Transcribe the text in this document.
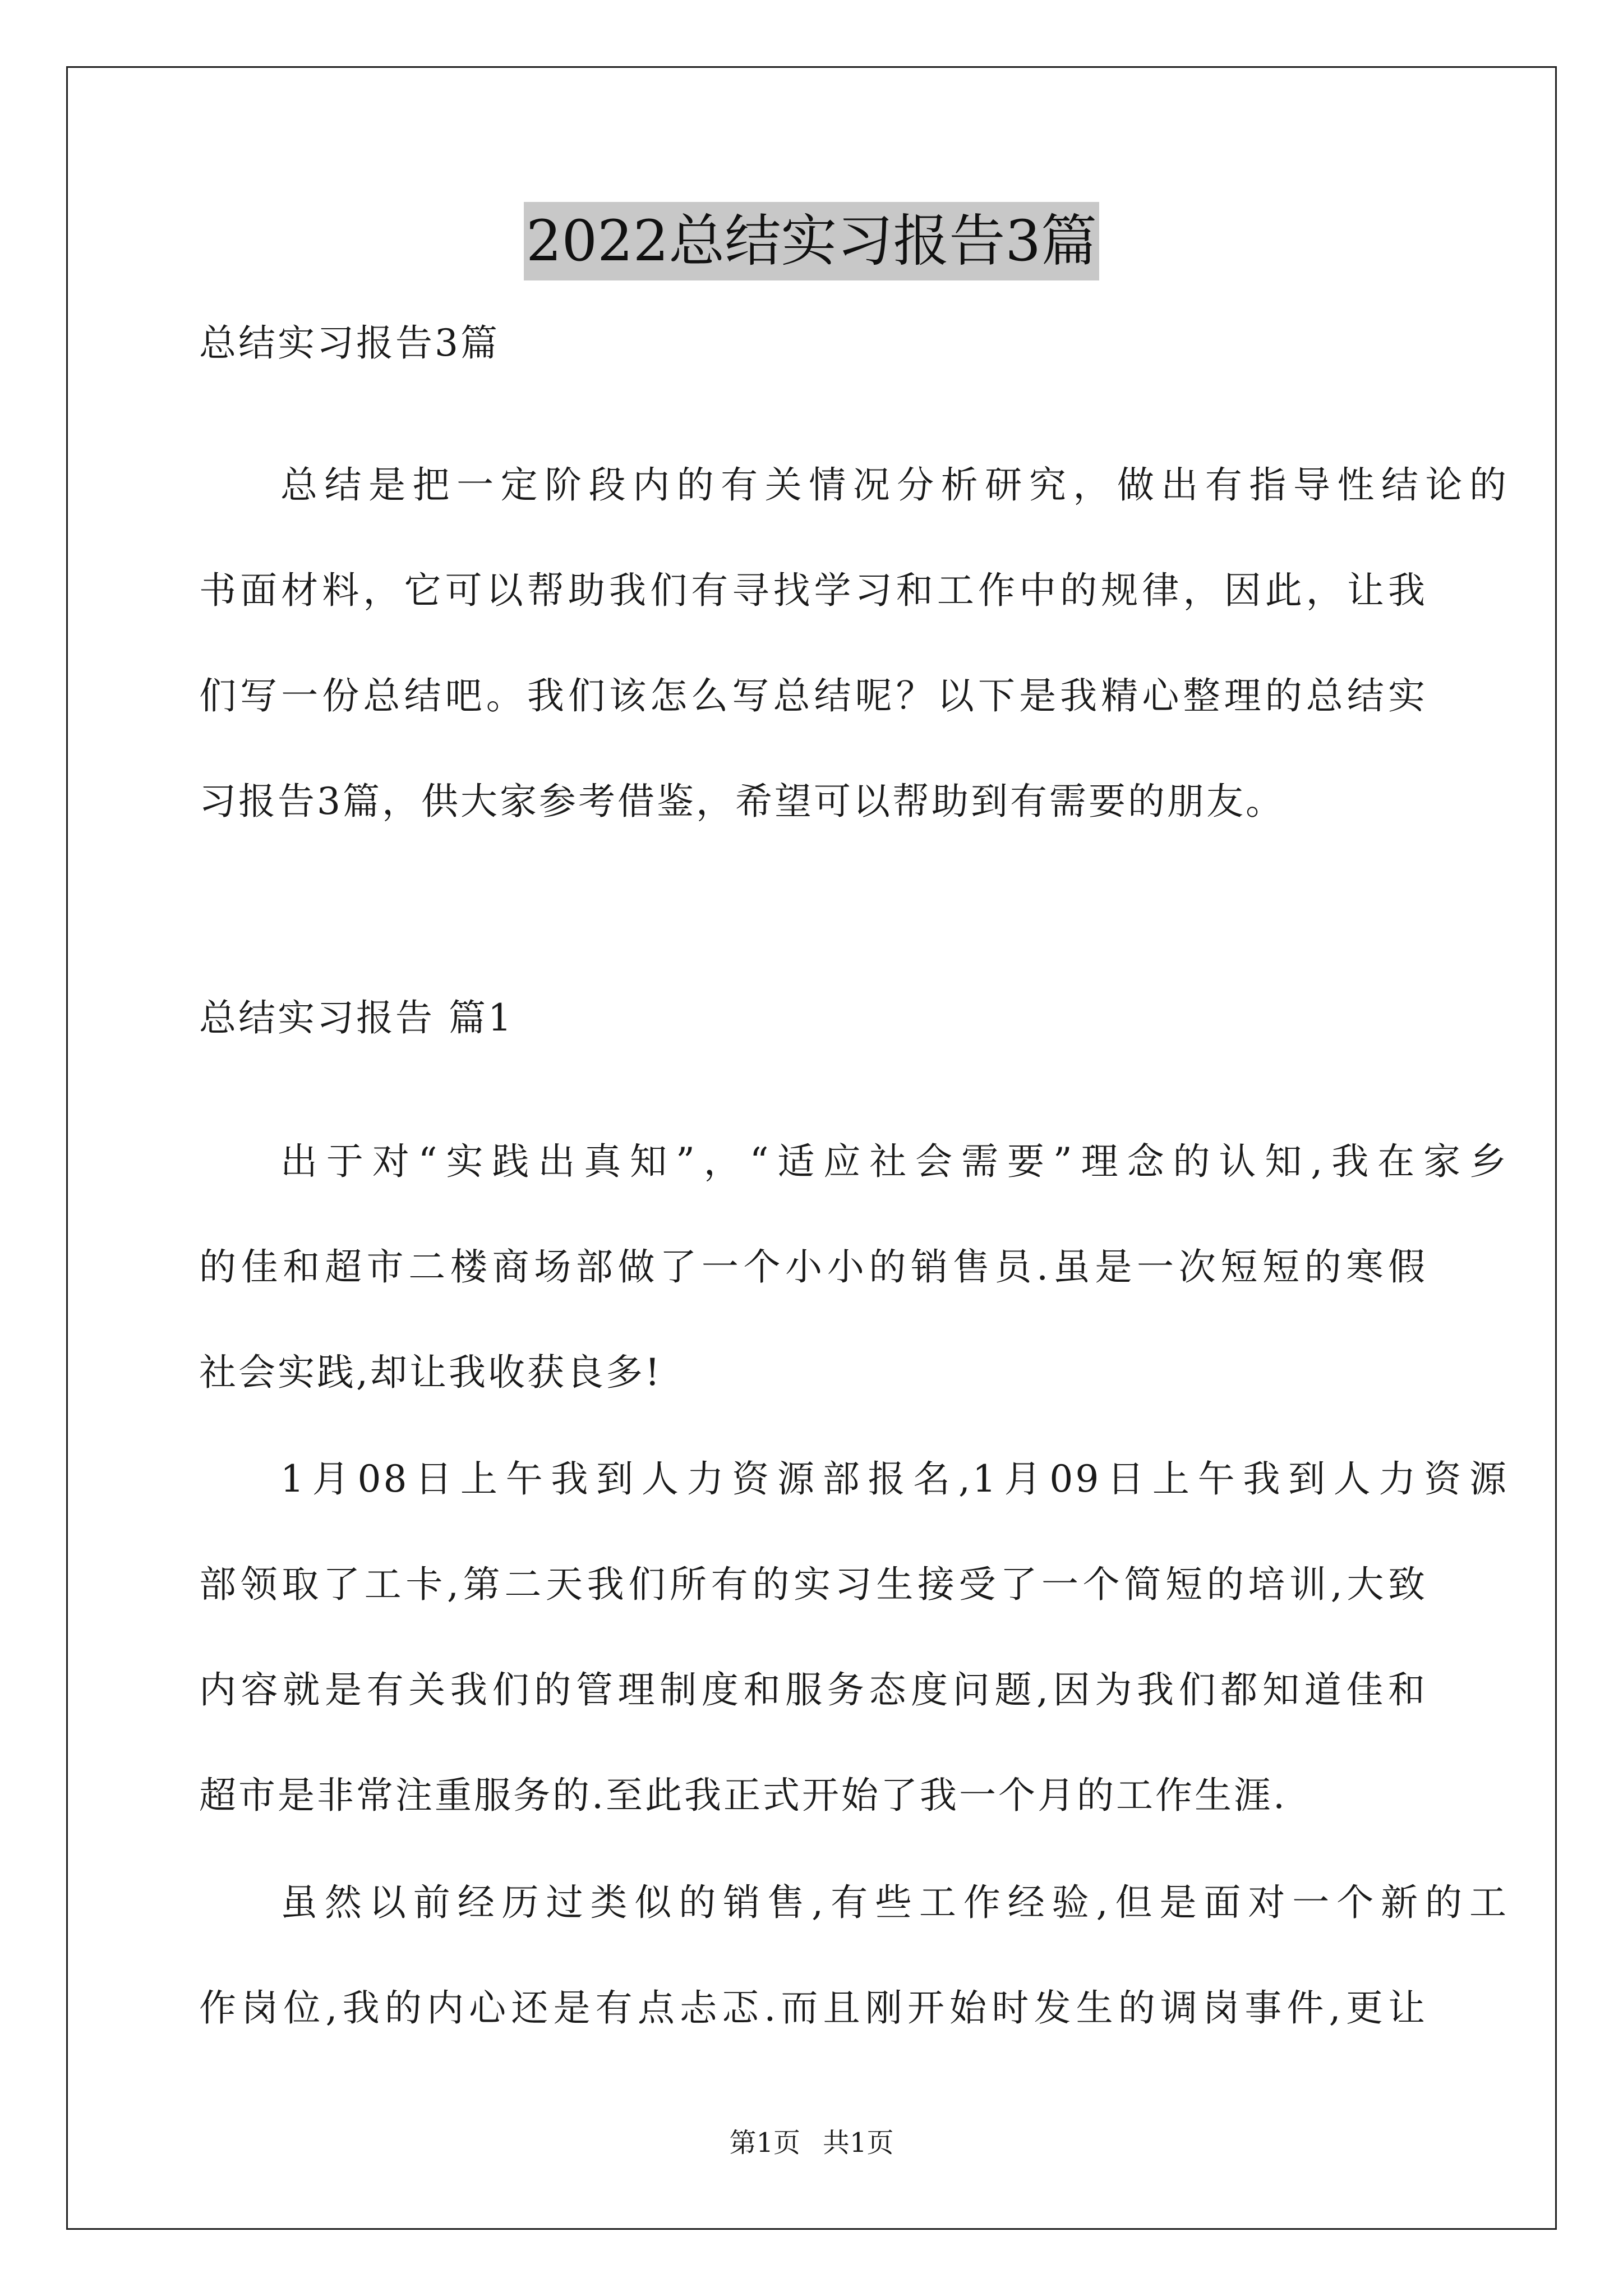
2022总结实习报告3篇
总结实习报告3篇
总结是把一定阶段内的有关情况分析研究，做出有指导性结论的
书面材料，它可以帮助我们有寻找学习和工作中的规律，因此，让我
们写一份总结吧。我们该怎么写总结呢？以下是我精心整理的总结实
习报告3篇，供大家参考借鉴，希望可以帮助到有需要的朋友。
总结实习报告 篇1
出于对“实践出真知”，“适应社会需要”理念的认知,我在家乡
的佳和超市二楼商场部做了一个小小的销售员.虽是一次短短的寒假
社会实践,却让我收获良多!
1月08日上午我到人力资源部报名,1月09日上午我到人力资源
部领取了工卡,第二天我们所有的实习生接受了一个简短的培训,大致
内容就是有关我们的管理制度和服务态度问题,因为我们都知道佳和
超市是非常注重服务的.至此我正式开始了我一个月的工作生涯.
虽然以前经历过类似的销售,有些工作经验,但是面对一个新的工
作岗位,我的内心还是有点忐忑.而且刚开始时发生的调岗事件,更让
第1页 共1页
